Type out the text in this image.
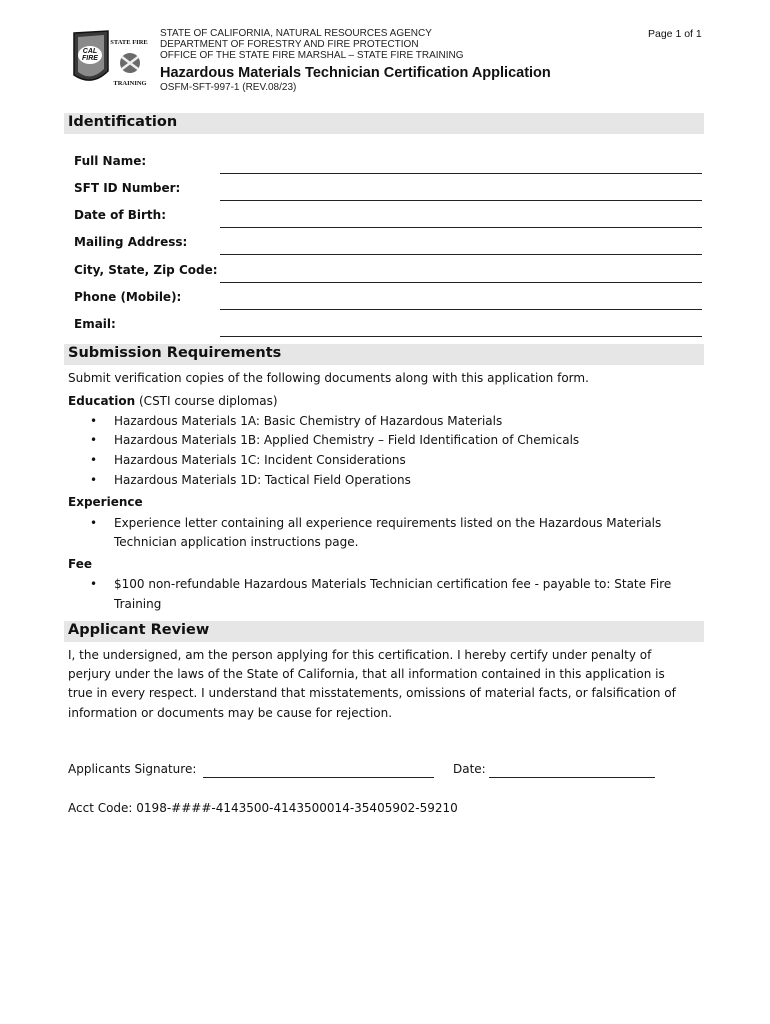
CAL
FIRE
STATE FIRE
TRAINING
STATE OF CALIFORNIA, NATURAL RESOURCES AGENCY
DEPARTMENT OF FORESTRY AND FIRE PROTECTION
OFFICE OF THE STATE FIRE MARSHAL – STATE FIRE TRAINING
Hazardous Materials Technician Certification Application
OSFM-SFT-997-1 (REV.08/23)
Page 1 of 1
Identification
Full Name:
SFT ID Number:
Date of Birth:
Mailing Address:
City, State, Zip Code:
Phone (Mobile):
Email:
Submission Requirements
Submit verification copies of the following documents along with this application form.
Education (CSTI course diplomas)
• Hazardous Materials 1A: Basic Chemistry of Hazardous Materials
• Hazardous Materials 1B: Applied Chemistry – Field Identification of Chemicals
• Hazardous Materials 1C: Incident Considerations
• Hazardous Materials 1D: Tactical Field Operations
Experience
• Experience letter containing all experience requirements listed on the Hazardous Materials
Technician application instructions page.
Fee
• $100 non-refundable Hazardous Materials Technician certification fee - payable to: State Fire
Training
Applicant Review
I, the undersigned, am the person applying for this certification. I hereby certify under penalty of
perjury under the laws of the State of California, that all information contained in this application is
true in every respect. I understand that misstatements, omissions of material facts, or falsification of
information or documents may be cause for rejection.
Applicants Signature:	Date:
Acct Code: 0198-####-4143500-4143500014-35405902-59210
